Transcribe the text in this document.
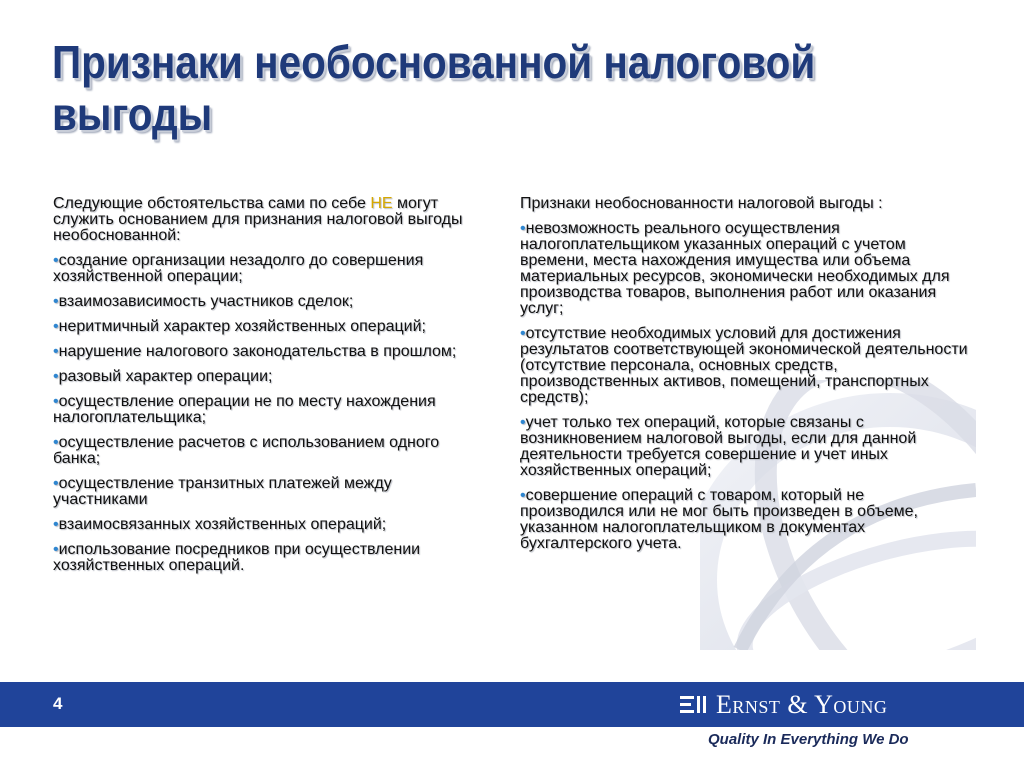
Признаки необоснованной налоговой
выгоды

Следующие обстоятельства сами по себе НЕ могут служить основанием для признания налоговой выгоды необоснованной:

•создание организации незадолго до совершения хозяйственной операции;

•взаимозависимость участников сделок;

•неритмичный характер хозяйственных операций;

•нарушение налогового законодательства в прошлом;

•разовый характер операции;

•осуществление операции не по месту нахождения налогоплательщика;

•осуществление расчетов с использованием одного банка;

•осуществление транзитных платежей между участниками

•взаимосвязанных хозяйственных операций;

•использование посредников при осуществлении хозяйственных операций.

Признаки необоснованности налоговой выгоды :

•невозможность реального осуществления налогоплательщиком указанных операций с учетом времени, места нахождения имущества или объема материальных ресурсов, экономически необходимых для производства товаров, выполнения работ или оказания услуг;

•отсутствие необходимых условий для достижения результатов соответствующей экономической деятельности (отсутствие персонала, основных средств, производственных активов, помещений, транспортных средств);

•учет только тех операций, которые связаны с возникновением налоговой выгоды, если для данной деятельности требуется совершение и учет иных хозяйственных операций;

•совершение операций с товаром, который не производился или не мог быть произведен в объеме, указанном налогоплательщиком в документах бухгалтерского учета.

4	Ernst & Young
Quality In Everything We Do
